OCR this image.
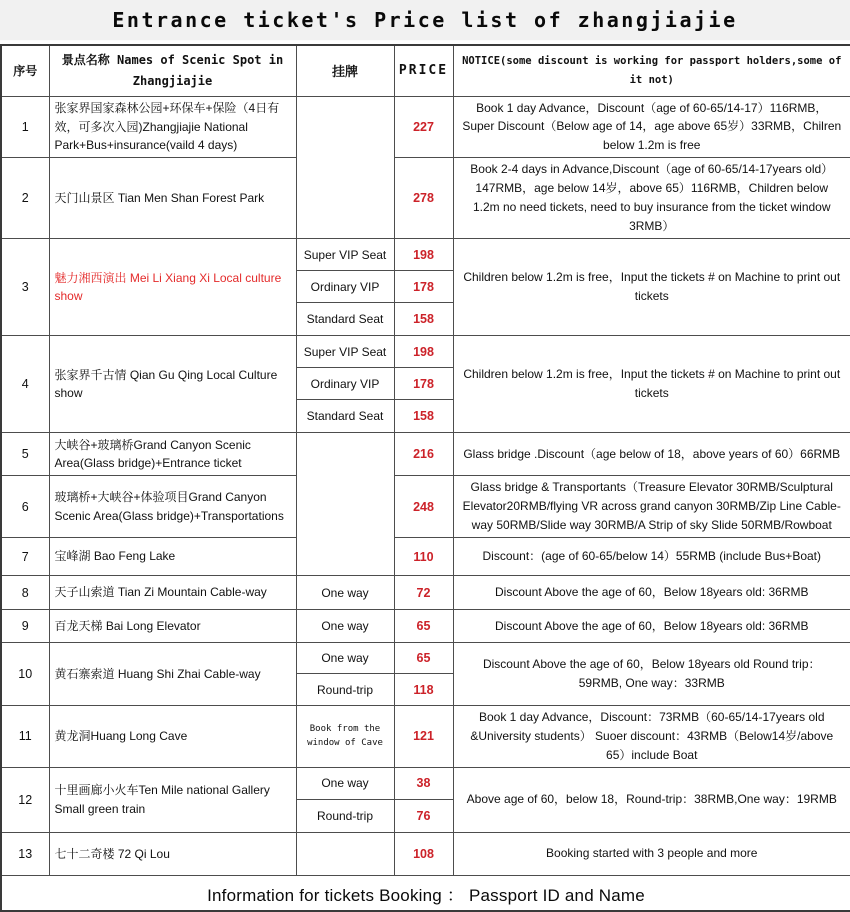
Entrance ticket's Price list of zhangjiajie
序号	景点名称 Names of Scenic Spot in Zhangjiajie	挂牌	PRICE	NOTICE(some discount is working for passport holders,some of it not)
1	张家界国家森林公园+环保车+保险（4日有效，可多次入园)Zhangjiajie National Park+Bus+insurance(vaild 4 days)		227	Book 1 day Advance，Discount（age of 60-65/14-17）116RMB，Super Discount（Below age of 14，age above 65岁）33RMB，Chilren below 1.2m is free
2	天门山景区 Tian Men Shan Forest Park		278	Book 2-4 days in Advance,Discount（age of 60-65/14-17years old）147RMB，age below 14岁，above 65）116RMB，Children below 1.2m no need tickets, need to buy insurance from the ticket window 3RMB）
3	魅力湘西演出 Mei Li Xiang Xi Local culture show	Super VIP Seat	198	Children below 1.2m is free，Input the tickets # on Machine to print out tickets
		Ordinary VIP	178	
		Standard Seat	158	
4	张家界千古情 Qian Gu Qing Local Culture show	Super VIP Seat	198	Children below 1.2m is free，Input the tickets # on Machine to print out tickets
		Ordinary VIP	178	
		Standard Seat	158	
5	大峡谷+玻璃桥Grand Canyon Scenic Area(Glass bridge)+Entrance ticket		216	Glass bridge .Discount（age below of 18，above years of 60）66RMB
6	玻璃桥+大峡谷+体验项目Grand Canyon Scenic Area(Glass bridge)+Transportations		248	Glass bridge & Transportants（Treasure Elevator 30RMB/Sculptural Elevator20RMB/flying VR across grand canyon 30RMB/Zip Line Cable-way 50RMB/Slide way 30RMB/A Strip of sky Slide 50RMB/Rowboat
7	宝峰湖 Bao Feng Lake		110	Discount：(age of 60-65/below 14）55RMB (include Bus+Boat)
8	天子山索道 Tian Zi Mountain Cable-way	One way	72	Discount Above the age of 60，Below 18years old: 36RMB
9	百龙天梯 Bai Long Elevator	One way	65	Discount Above the age of 60，Below 18years old: 36RMB
10	黄石寨索道 Huang Shi Zhai Cable-way	One way	65	Discount Above the age of 60，Below 18years old Round trip：59RMB, One way：33RMB
		Round-trip	118	
11	黄龙洞Huang Long Cave	Book from the window of Cave	121	Book 1 day Advance，Discount：73RMB（60-65/14-17years old &University students） Suoer discount：43RMB（Below14岁/above 65）include Boat
12	十里画廊小火车Ten Mile national Gallery Small green train	One way	38	Above age of 60，below 18，Round-trip：38RMB,One way：19RMB
		Round-trip	76	
13	七十二奇楼 72 Qi Lou		108	Booking started with 3 people and more
Information for tickets Booking ： Passport ID and Name				
